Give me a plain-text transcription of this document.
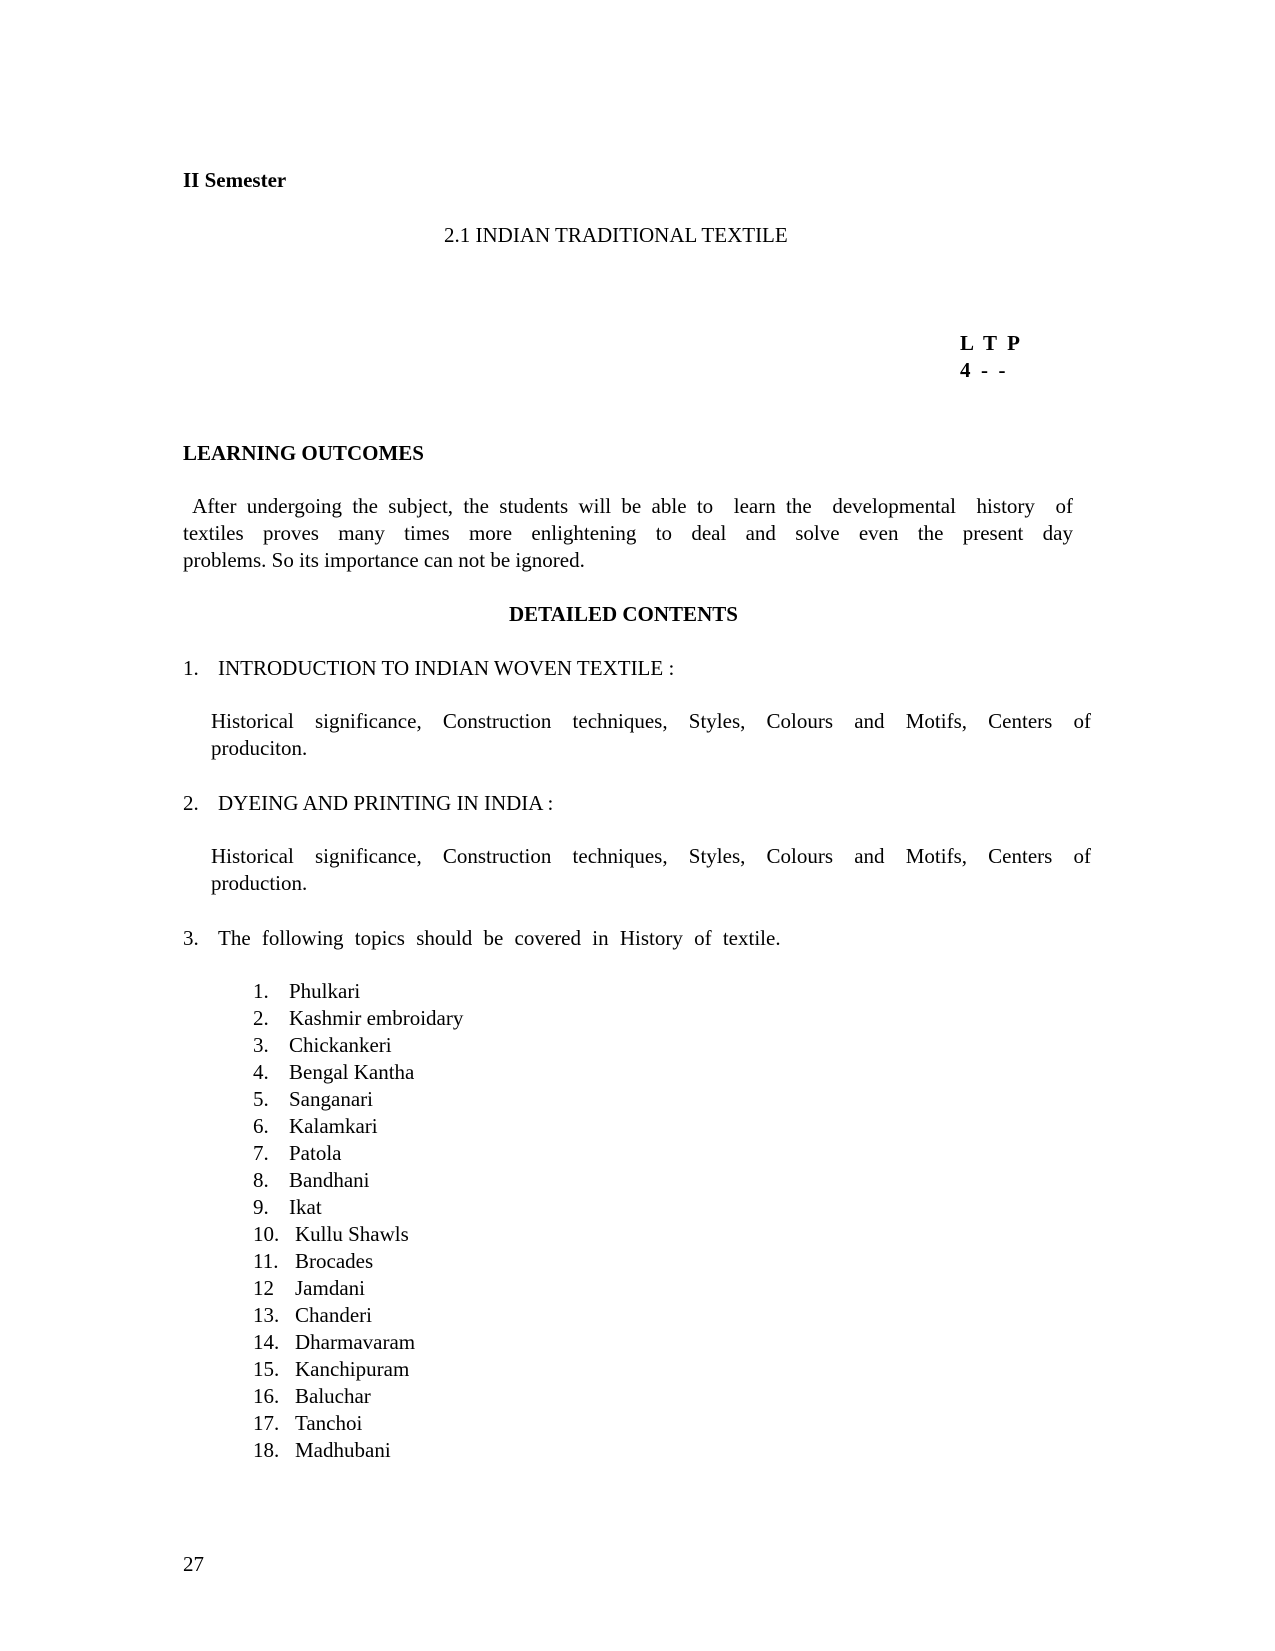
II Semester
2.1 INDIAN TRADITIONAL TEXTILE
L  T  P
4  -  -
LEARNING OUTCOMES
After undergoing the subject, the students will be able to  learn the  developmental  history  of
textiles proves many times more enlightening to deal and solve even the present day
problems. So its importance can not be ignored.
DETAILED CONTENTS
1. INTRODUCTION TO INDIAN WOVEN TEXTILE :
Historical significance, Construction techniques, Styles, Colours and Motifs, Centers of
produciton.
2. DYEING AND PRINTING IN INDIA :
Historical significance, Construction techniques, Styles, Colours and Motifs, Centers of
production.
3. The following topics should be covered in History of textile.
1. Phulkari
2. Kashmir embroidary
3. Chickankeri
4. Bengal Kantha
5. Sanganari
6. Kalamkari
7. Patola
8. Bandhani
9. Ikat
10. Kullu Shawls
11. Brocades
12 Jamdani
13. Chanderi
14. Dharmavaram
15. Kanchipuram
16. Baluchar
17. Tanchoi
18. Madhubani
27
